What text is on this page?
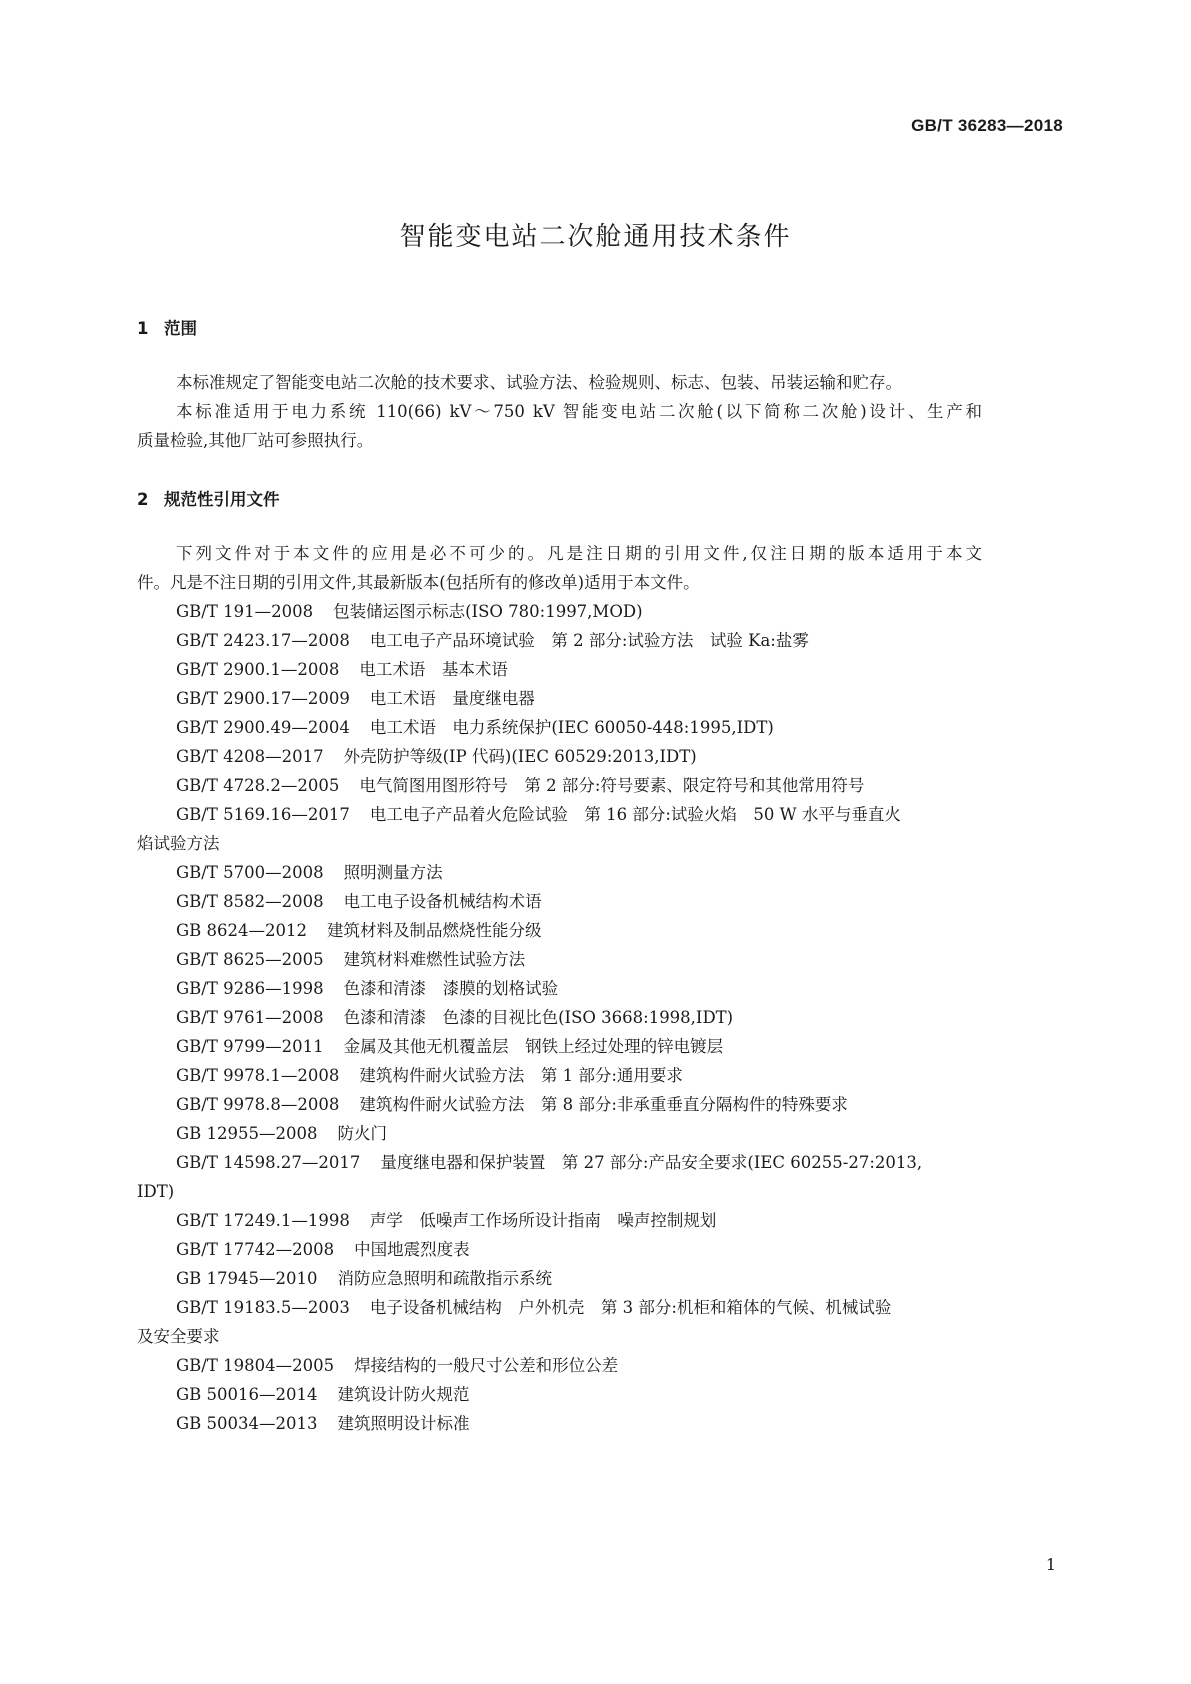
GB/T 36283—2018
智能变电站二次舱通用技术条件
1 范围
本标准规定了智能变电站二次舱的技术要求、试验方法、检验规则、标志、包装、吊装运输和贮存。
本标准适用于电力系统 110(66) kV～750 kV 智能变电站二次舱(以下简称二次舱)设计、生产和
质量检验,其他厂站可参照执行。
2 规范性引用文件
下列文件对于本文件的应用是必不可少的。凡是注日期的引用文件,仅注日期的版本适用于本文
件。凡是不注日期的引用文件,其最新版本(包括所有的修改单)适用于本文件。
GB/T 191—2008 包装储运图示标志(ISO 780:1997,MOD)
GB/T 2423.17—2008 电工电子产品环境试验　第 2 部分:试验方法　试验 Ka:盐雾
GB/T 2900.1—2008 电工术语　基本术语
GB/T 2900.17—2009 电工术语　量度继电器
GB/T 2900.49—2004 电工术语　电力系统保护(IEC 60050-448:1995,IDT)
GB/T 4208—2017 外壳防护等级(IP 代码)(IEC 60529:2013,IDT)
GB/T 4728.2—2005 电气简图用图形符号　第 2 部分:符号要素、限定符号和其他常用符号
GB/T 5169.16—2017 电工电子产品着火危险试验　第 16 部分:试验火焰　50 W 水平与垂直火
焰试验方法
GB/T 5700—2008 照明测量方法
GB/T 8582—2008 电工电子设备机械结构术语
GB 8624—2012 建筑材料及制品燃烧性能分级
GB/T 8625—2005 建筑材料难燃性试验方法
GB/T 9286—1998 色漆和清漆　漆膜的划格试验
GB/T 9761—2008 色漆和清漆　色漆的目视比色(ISO 3668:1998,IDT)
GB/T 9799—2011 金属及其他无机覆盖层　钢铁上经过处理的锌电镀层
GB/T 9978.1—2008 建筑构件耐火试验方法　第 1 部分:通用要求
GB/T 9978.8—2008 建筑构件耐火试验方法　第 8 部分:非承重垂直分隔构件的特殊要求
GB 12955—2008 防火门
GB/T 14598.27—2017 量度继电器和保护装置　第 27 部分:产品安全要求(IEC 60255-27:2013,
IDT)
GB/T 17249.1—1998 声学　低噪声工作场所设计指南　噪声控制规划
GB/T 17742—2008 中国地震烈度表
GB 17945—2010 消防应急照明和疏散指示系统
GB/T 19183.5—2003 电子设备机械结构　户外机壳　第 3 部分:机柜和箱体的气候、机械试验
及安全要求
GB/T 19804—2005 焊接结构的一般尺寸公差和形位公差
GB 50016—2014 建筑设计防火规范
GB 50034—2013 建筑照明设计标准
1
